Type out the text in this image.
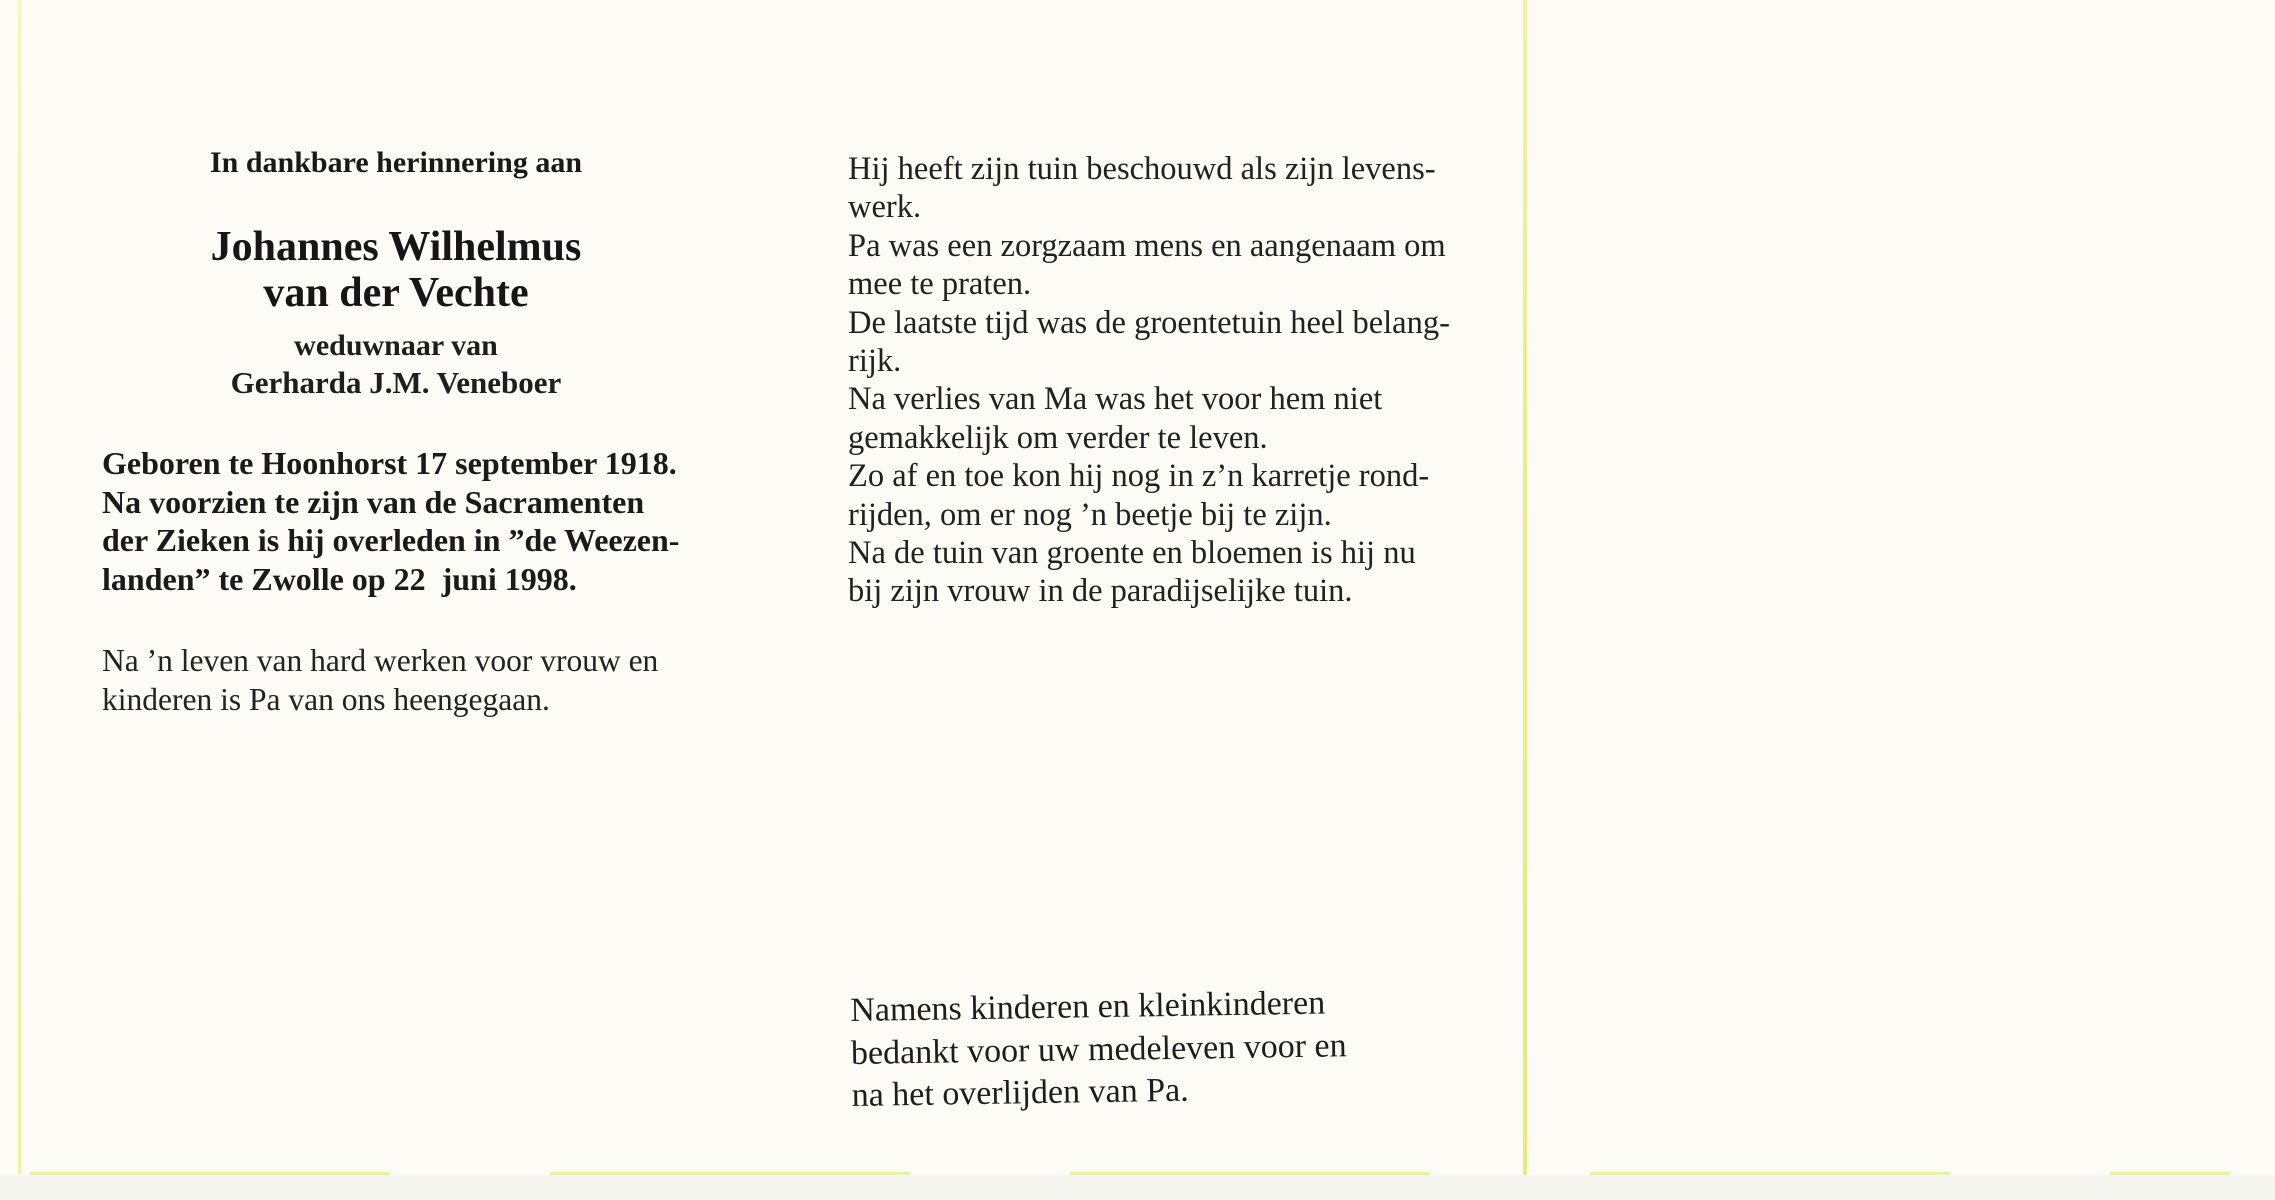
In dankbare herinnering aan
Johannes Wilhelmus
van der Vechte
weduwnaar van
Gerharda J.M. Veneboer
Geboren te Hoonhorst 17 september 1918.
Na voorzien te zijn van de Sacramenten
der Zieken is hij overleden in ”de Weezen-
landen” te Zwolle op 22  juni 1998.
Na ’n leven van hard werken voor vrouw en
kinderen is Pa van ons heengegaan.
Hij heeft zijn tuin beschouwd als zijn levens-
werk.
Pa was een zorgzaam mens en aangenaam om
mee te praten.
De laatste tijd was de groentetuin heel belang-
rijk.
Na verlies van Ma was het voor hem niet
gemakkelijk om verder te leven.
Zo af en toe kon hij nog in z’n karretje rond-
rijden, om er nog ’n beetje bij te zijn.
Na de tuin van groente en bloemen is hij nu
bij zijn vrouw in de paradijselijke tuin.
Namens kinderen en kleinkinderen
bedankt voor uw medeleven voor en
na het overlijden van Pa.
